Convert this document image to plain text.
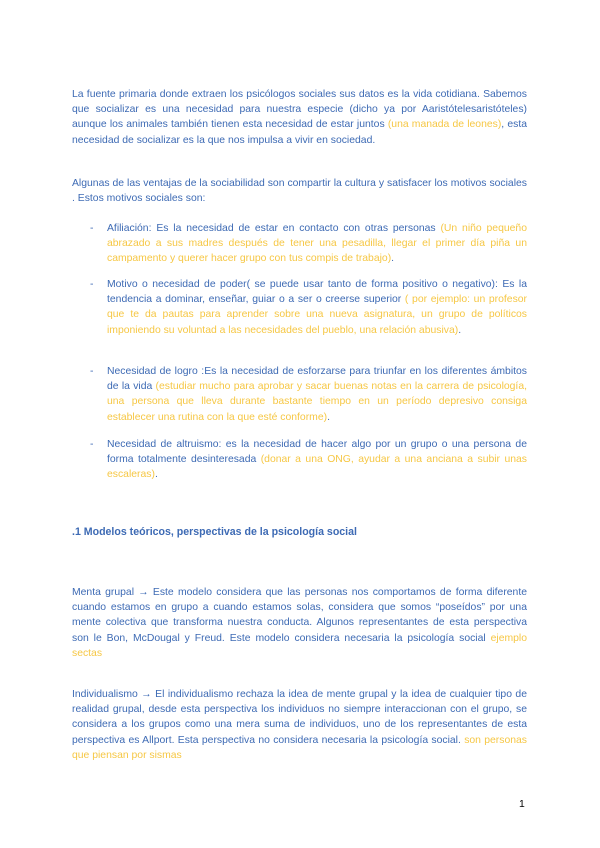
La fuente primaria donde extraen los psicólogos sociales sus datos es la vida cotidiana. Sabemos que socializar es una necesidad para nuestra especie (dicho ya por Aaristótelesaristóteles) aunque los animales también tienen esta necesidad de estar juntos (una manada de leones), esta necesidad de socializar es la que nos impulsa a vivir en sociedad.

Algunas de las ventajas de la sociabilidad son compartir la cultura y satisfacer los motivos sociales . Estos motivos sociales son:

- Afiliación: Es la necesidad de estar en contacto con otras personas (Un niño pequeño abrazado a sus madres después de tener una pesadilla, llegar el primer día piña un campamento y querer hacer grupo con tus compis de trabajo).
- Motivo o necesidad de poder( se puede usar tanto de forma positivo o negativo): Es la tendencia a dominar, enseñar, guiar o a ser o creerse superior ( por ejemplo: un profesor que te da pautas para aprender sobre una nueva asignatura, un grupo de políticos imponiendo su voluntad a las necesidades del pueblo, una relación abusiva).
- Necesidad de logro :Es la necesidad de esforzarse para triunfar en los diferentes ámbitos de la vida (estudiar mucho para aprobar y sacar buenas notas en la carrera de psicología, una persona que lleva durante bastante tiempo en un período depresivo consiga establecer una rutina con la que esté conforme).
- Necesidad de altruismo: es la necesidad de hacer algo por un grupo o una persona de forma totalmente desinteresada (donar a una ONG, ayudar a una anciana a subir unas escaleras).
.1 Modelos teóricos, perspectivas de la psicología social

Menta grupal → Este modelo considera que las personas nos comportamos de forma diferente cuando estamos en grupo a cuando estamos solas, considera que somos “poseídos” por una mente colectiva que transforma nuestra conducta. Algunos representantes de esta perspectiva son le Bon, McDougal y Freud. Este modelo considera necesaria la psicología social ejemplo sectas

Individualismo → El individualismo rechaza la idea de mente grupal y la idea de cualquier tipo de realidad grupal, desde esta perspectiva los individuos no siempre interaccionan con el grupo, se considera a los grupos como una mera suma de individuos, uno de los representantes de esta perspectiva es Allport. Esta perspectiva no considera necesaria la psicología social. son personas que piensan por sismas

1
